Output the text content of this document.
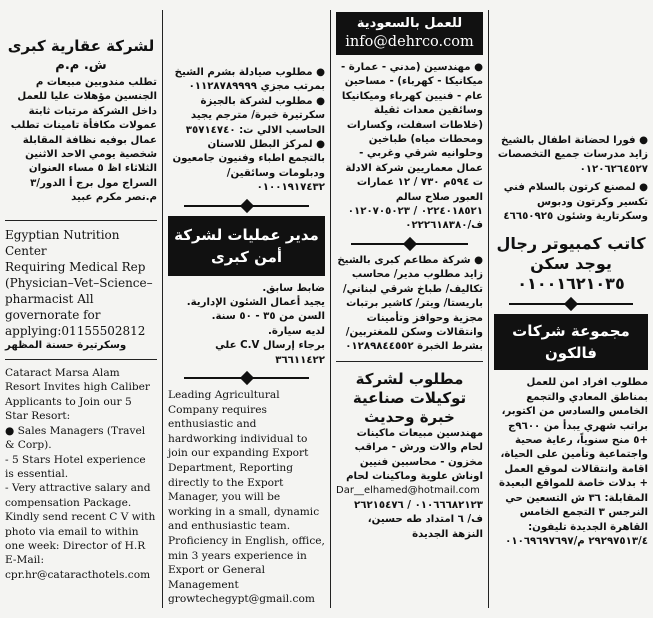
لشركة عقارية كبرى
ش. م.م

تطلب مندوبين مبيعات م الجنسين مؤهلات عليا للعمل داخل الشركة مرتبات ثابتة عمولات مكافأة تامينات تطلب عمال بوفيه نظافة المقابلة شخصية يومي الاحد الاثنين الثلاثاء اظ ٥ مساء العنوان السراج مول برج أ الدور/٣ م.نصر مكرم عبيد

Egyptian Nutrition Center
Requiring Medical Rep (Physician–Vet–Science–pharmacist All governorate for applying:01155502812
وسكرتيرة حسنة المظهر
Cataract Marsa Alam Resort Invites high Caliber Applicants to Join our 5 Star Resort:
● Sales Managers (Travel & Corp).
- 5 Stars Hotel experience is essential.
- Very attractive salary and compensation Package.
Kindly send recent C V with photo via email to within one week: Director of H.R
E-Mail:
cpr.hr@cataracthotels.com

● مطلوب صيادلة بشرم الشيخ بمرتب مجزي ٠١١٢٨٧٨٩٩٩٩

● مطلوب لشركة بالجيزة سكرتيرة خبرة/ مترجم يجيد الحاسب الالي ت: ٣٥٧١٤٧٤٠

● لمركز البطل للاسنان بالتجمع اطباء وفنيون جامعيون ودبلومات وسائقين/ ٠١٠٠١٩١٧٤٣٢

مدير عمليات لشركة أمن كبرى
ضابط سابق.
يجيد أعمال الشئون الإدارية.
السن من ٣٥ - ٥٠ سنة.
لديه سيارة.
برجاء إرسال C.V علي ٣٦٦١١٤٢٢
Leading Agricultural Company requires enthusiastic and hardworking individual to join our expanding Export Department, Reporting directly to the Export Manager, you will be working in a small, dynamic and enthusiastic team. Proficiency in English, office, min 3 years experience in Export or General Management growtechegypt@gmail.com
للعمل بالسعودية
info@dehrco.com

● مهندسين (مدني - عمارة - ميكانيكا - كهرباء) - مساحين عام - فنيين كهرباء وميكانيكا وسائقين معدات ثقيلة (خلاطات اسفلت، وكسارات ومحطات مياه) طباخين وحلوانيه شرقي وغربي - عمال معماريين شركة الادلة ت ٥٩٤م ٧٣٠ / ١٢ عمارات العبور صلاح سالم ٠٢٢٤٠١٨٥٢١ / ٠١٢٠٧٠٥٠٢٣ ف/٠٢٢٢٦١٨٣٨٠

● شركة مطاعم كبرى بالشيخ زايد مطلوب مدير/ محاسب تكاليف/ طباخ شرقي لبناني/ باريستا/ ويتر/ كاشير برتبات مجزية وحوافز وتأمينات وانتقالات وسكن للمغتربين/ بشرط الخبرة ٠١٢٨٩٨٤٤٥٥٢

مطلوب لشركة توكيلات صناعية خبرة وحديث

مهندسين مبيعات ماكينات لحام والات ورش - مراقب مخزون - محاسبين فنيين اوناش علوية وماكينات لحام

Dar__elhamed@hotmail.com

٠١٠٦٦٦٨٢١٢٣ / ٢٦٢١٥٤٧٦ ف/ ٦ امتداد طه حسين، النزهة الجديدة

● فورا لحضانة اطفال بالشيخ زايد مدرسات جميع التخصصات ٠١٢٠٦٢٦٤٥٢٧

● لمصنع كرتون بالسلام فني تكسير وكرتون ودبوس وسكرتارية وشئون ٤٦٦٥٠٩٢٥

كاتب كمبيوتر رجال
يوجد سكن ٠١٠٠١٦٢١٠٣٥
مجموعة شركات فالكون

مطلوب افراد امن للعمل بمناطق المعادي والتجمع الخامس والسادس من اكتوبر، براتب شهري يبدأ من ٩٦٠٠ج +٥ منح سنوياً، رعاية صحية واجتماعية وتأمين على الحياة، اقامة وانتقالات لموقع العمل + بدلات خاصة للمواقع البعيدة

المقابلة: ٣٦ ش التسعين حي النرجس ٣ التجمع الخامس القاهرة الجديدة تليفون: ٢٩٢٩٧٥١٣/٤ م/٠١٠٦٩٦٩٧٦٩٧
